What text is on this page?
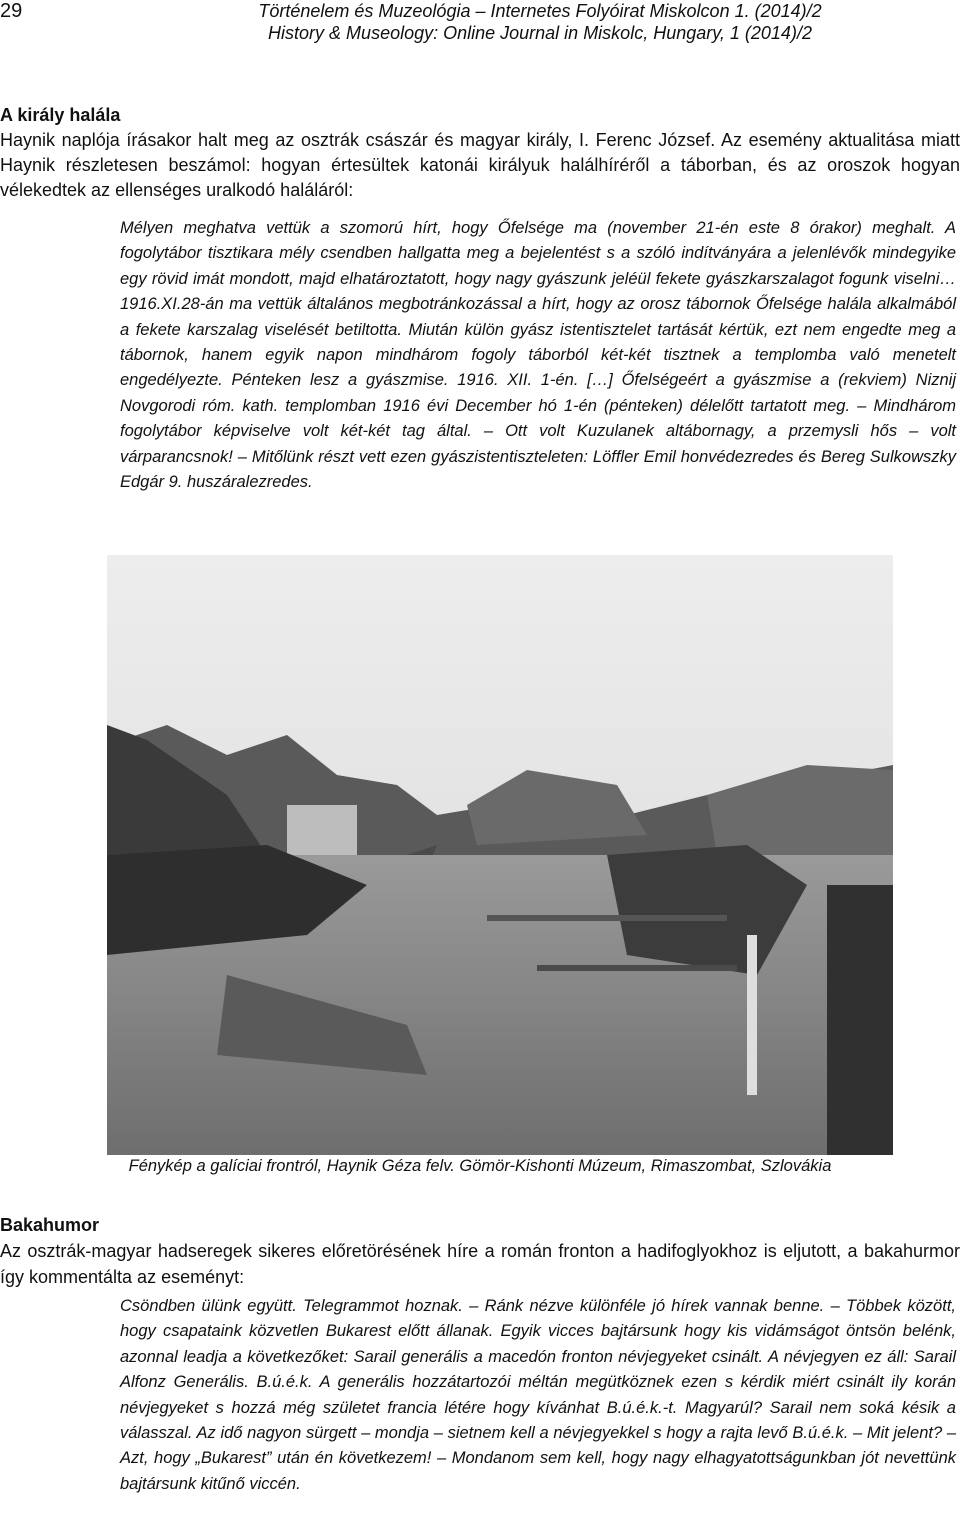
29	Történelem és Muzeológia – Internetes Folyóirat Miskolcon 1. (2014)/2
History & Museology: Online Journal in Miskolc, Hungary, 1 (2014)/2

A király halála

Haynik naplója írásakor halt meg az osztrák császár és magyar király, I. Ferenc József. Az esemény aktualitása miatt Haynik részletesen beszámol: hogyan értesültek katonái királyuk halálhíréről a táborban, és az oroszok hogyan vélekedtek az ellenséges uralkodó haláláról:

Mélyen meghatva vettük a szomorú hírt, hogy Őfelsége ma (november 21-én este 8 órakor) meghalt. A fogolytábor tisztikara mély csendben hallgatta meg a bejelentést s a szóló indítványára a jelenlévők mindegyike egy rövid imát mondott, majd elhatároztatott, hogy nagy gyászunk jeléül fekete gyászkarszalagot fogunk viselni… 1916.XI.28-án ma vettük általános megbotránkozással a hírt, hogy az orosz tábornok Őfelsége halála alkalmából a fekete karszalag viselését betiltotta. Miután külön gyász istentisztelet tartását kértük, ezt nem engedte meg a tábornok, hanem egyik napon mindhárom fogoly táborból két-két tisztnek a templomba való menetelt engedélyezte. Pénteken lesz a gyászmise. 1916. XII. 1-én. […] Őfelségeért a gyászmise a (rekviem) Niznij Novgorodi róm. kath. templomban 1916 évi December hó 1-én (pénteken) délelőtt tartatott meg. – Mindhárom fogolytábor képviselve volt két-két tag által. – Ott volt Kuzulanek altábornagy, a przemysli hős – volt várparancsnok! – Mitőlünk részt vett ezen gyászistentiszteleten: Löffler Emil honvédezredes és Bereg Sulkowszky Edgár 9. huszáralezredes.

Fénykép a galíciai frontról, Haynik Géza felv. Gömör-Kishonti Múzeum, Rimaszombat, Szlovákia

Bakahumor

Az osztrák-magyar hadseregek sikeres előretörésének híre a román fronton a hadifoglyokhoz is eljutott, a bakahurmor így kommentálta az eseményt:

Csöndben ülünk együtt. Telegrammot hoznak. – Ránk nézve különféle jó hírek vannak benne. – Többek között, hogy csapataink közvetlen Bukarest előtt állanak. Egyik vicces bajtársunk hogy kis vidámságot öntsön belénk, azonnal leadja a következőket: Sarail generális a macedón fronton névjegyeket csinált. A névjegyen ez áll: Sarail Alfonz Generális. B.ú.é.k. A generális hozzátartozói méltán megütköznek ezen s kérdik miért csinált ily korán névjegyeket s hozzá még születet francia létére hogy kívánhat B.ú.é.k.-t. Magyarúl? Sarail nem soká késik a válasszal. Az idő nagyon sürgett – mondja – sietnem kell a névjegyekkel s hogy a rajta levő B.ú.é.k. – Mit jelent? – Azt, hogy „Bukarest” után én következem! – Mondanom sem kell, hogy nagy elhagyatottságunkban jót nevettünk bajtársunk kitűnő viccén.
